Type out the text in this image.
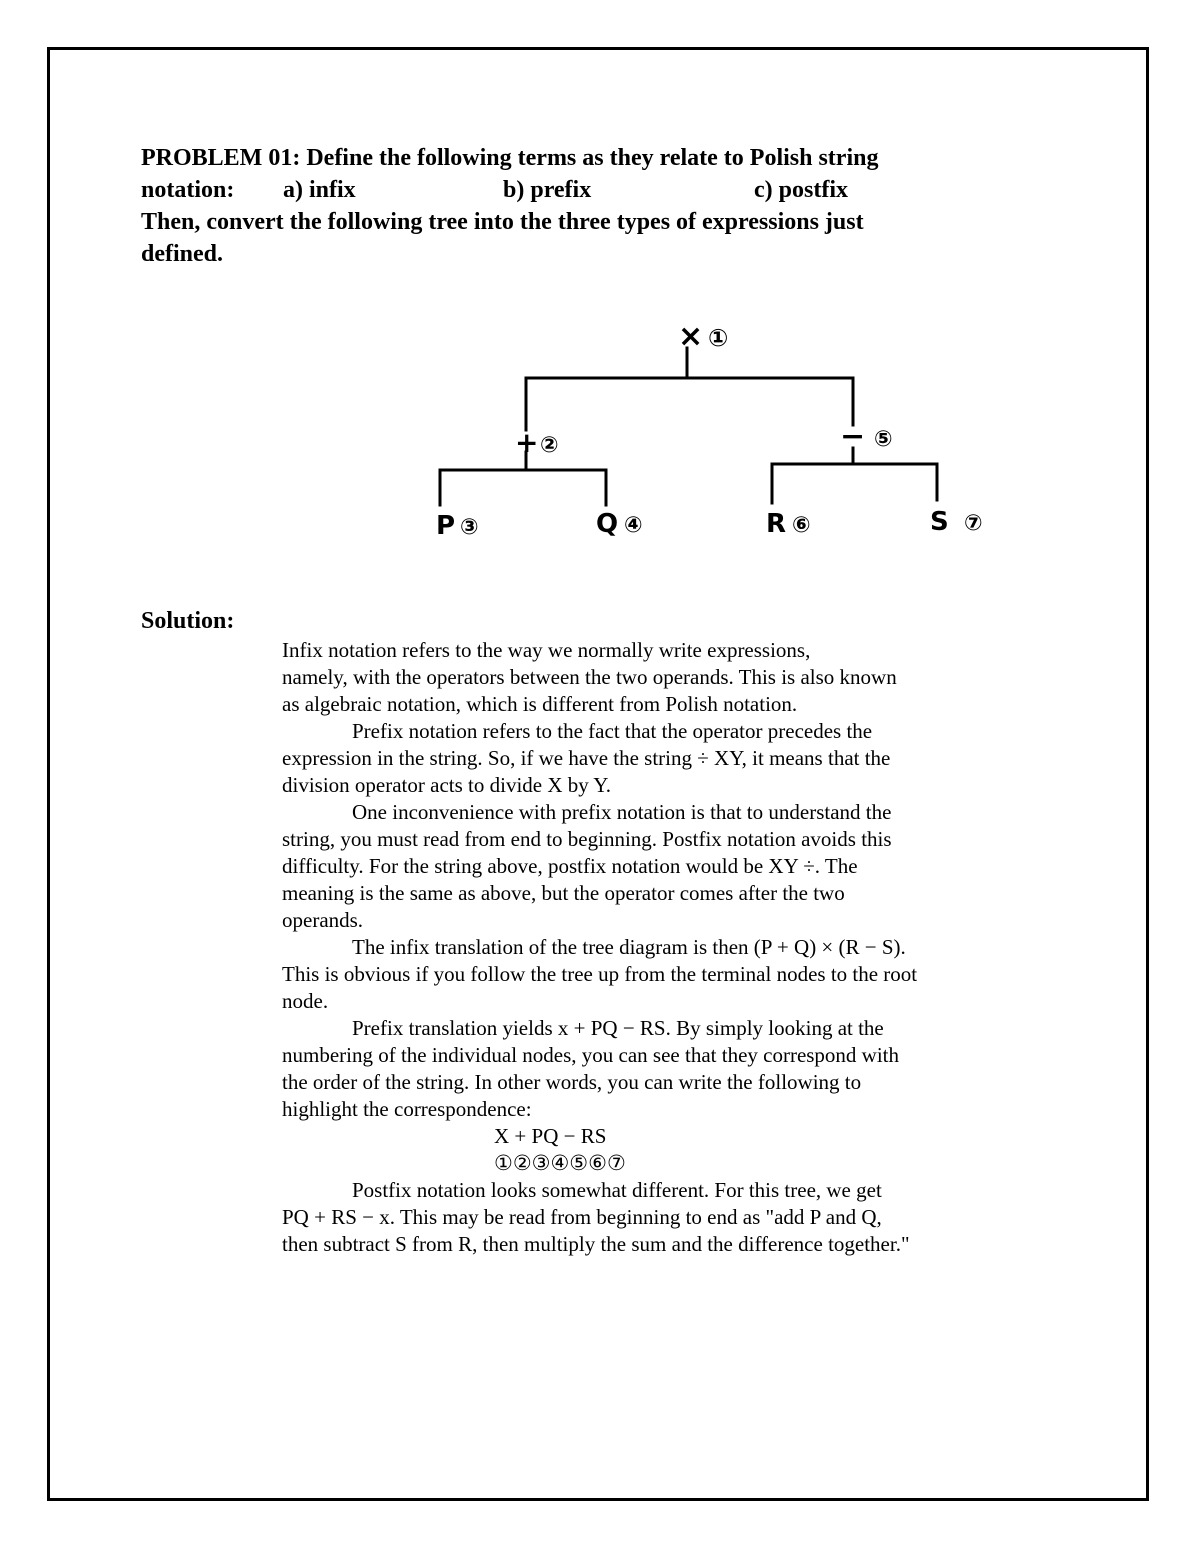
PROBLEM 01: Define the following terms as they relate to Polish string
notation: a) infix	b) prefix	c) postfix
Then, convert the following tree into the three types of expressions just
defined.
× ①
+ ②	− ⑤
P ③	Q ④	R ⑥	S ⑦
Solution:
Infix notation refers to the way we normally write expressions,
namely, with the operators between the two operands. This is also known
as algebraic notation, which is different from Polish notation.
Prefix notation refers to the fact that the operator precedes the
expression in the string. So, if we have the string ÷ XY, it means that the
division operator acts to divide X by Y.
One inconvenience with prefix notation is that to understand the
string, you must read from end to beginning. Postfix notation avoids this
difficulty. For the string above, postfix notation would be XY ÷. The
meaning is the same as above, but the operator comes after the two
operands.
The infix translation of the tree diagram is then (P + Q) × (R − S).
This is obvious if you follow the tree up from the terminal nodes to the root
node.
Prefix translation yields x + PQ − RS. By simply looking at the
numbering of the individual nodes, you can see that they correspond with
the order of the string. In other words, you can write the following to
highlight the correspondence:
X + PQ − RS
①②③④⑤⑥⑦
Postfix notation looks somewhat different. For this tree, we get
PQ + RS − x. This may be read from beginning to end as "add P and Q,
then subtract S from R, then multiply the sum and the difference together."
